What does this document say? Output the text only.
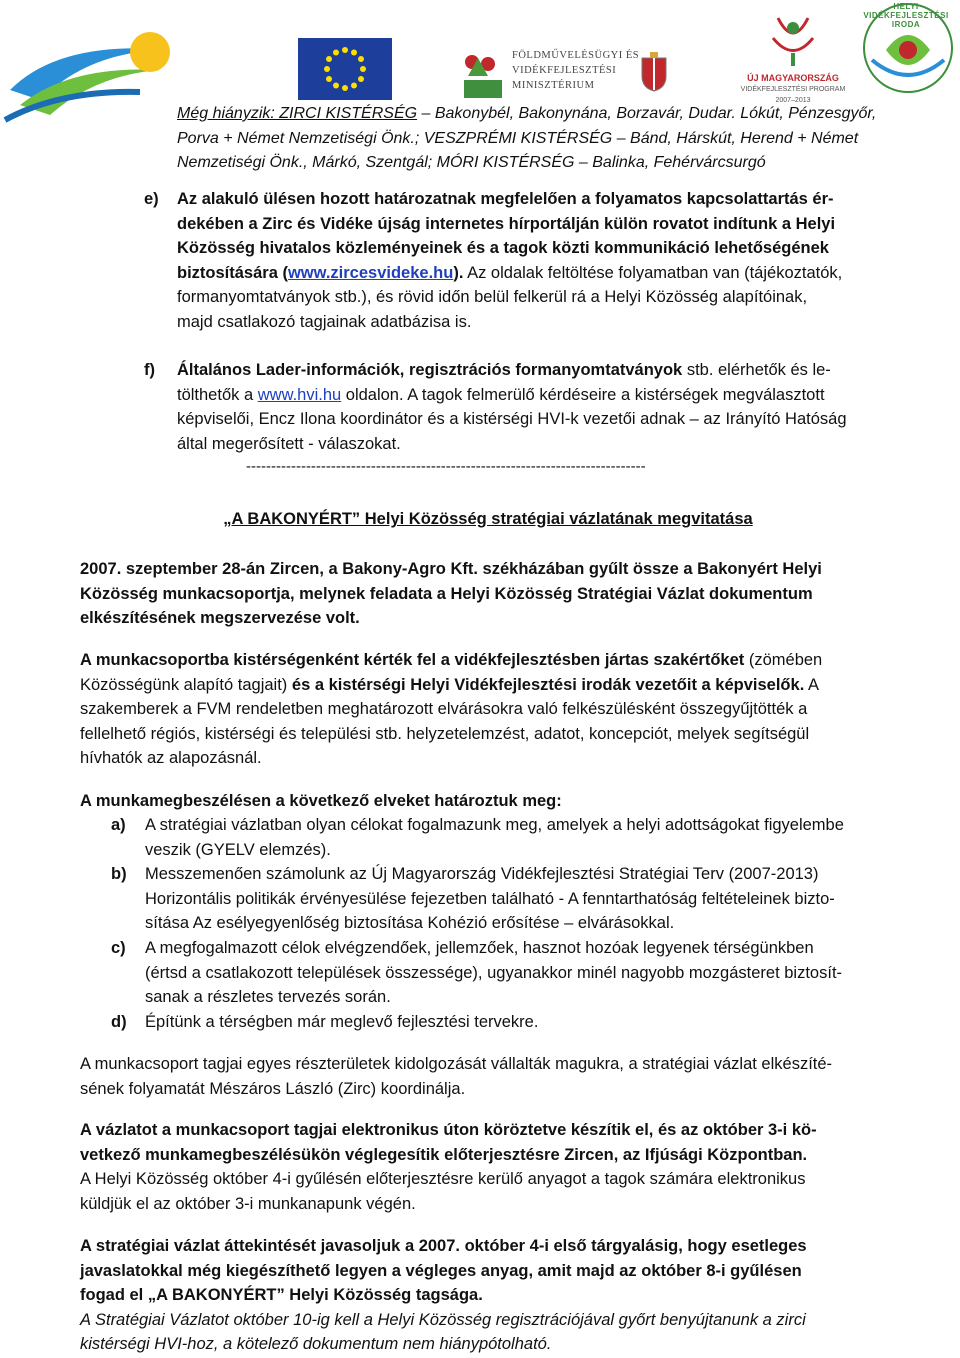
FÖLDMŰVELÉSÜGYI ÉS
VIDÉKFEJLESZTÉSI
MINISZTÉRIUM
ÚJ MAGYARORSZÁG
VIDÉKFEJLESZTÉSI PROGRAM
2007–2013
HELYI VIDÉKFEJLESZTÉSI IRODA
Még hiányzik: ZIRCI KISTÉRSÉG – Bakonybél, Bakonynána, Borzavár, Dudar. Lókút, Pénzesgyőr,
Porva + Német Nemzetiségi Önk.; VESZPRÉMI KISTÉRSÉG – Bánd, Hárskút, Herend + Német
Nemzetiségi Önk., Márkó, Szentgál; MÓRI KISTÉRSÉG – Balinka, Fehérvárcsurgó
e) Az alakuló ülésen hozott határozatnak megfelelően a folyamatos kapcsolattartás ér-
dekében a Zirc és Vidéke újság internetes hírportálján külön rovatot indítunk a Helyi
Közösség hivatalos közleményeinek és a tagok közti kommunikáció lehetőségének
biztosítására (www.zircesvideke.hu). Az oldalak feltöltése folyamatban van (tájékoztatók,
formanyomtatványok stb.), és rövid időn belül felkerül rá a Helyi Közösség alapítóinak,
majd csatlakozó tagjainak adatbázisa is.
f) Általános Lader-információk, regisztrációs formanyomtatványok stb. elérhetők és le-
tölthetők a www.hvi.hu oldalon. A tagok felmerülő kérdéseire a kistérségek megválasztott
képviselői, Encz Ilona koordinátor és a kistérségi HVI-k vezetői adnak – az Irányító Hatóság
által megerősített - válaszokat.
--------------------------------------------------------------------------------
„A BAKONYÉRT” Helyi Közösség stratégiai vázlatának megvitatása
2007. szeptember 28-án Zircen, a Bakony-Agro Kft. székházában gyűlt össze a Bakonyért Helyi
Közösség munkacsoportja, melynek feladata a Helyi Közösség Stratégiai Vázlat dokumentum
elkészítésének megszervezése volt.
A munkacsoportba kistérségenként kérték fel a vidékfejlesztésben jártas szakértőket (zömében
Közösségünk alapító tagjait) és a kistérségi Helyi Vidékfejlesztési irodák vezetőit a képviselők. A
szakemberek a FVM rendeletben meghatározott elvárásokra való felkészülésként összegyűjtötték a
fellelhető régiós, kistérségi és települési stb. helyzetelemzést, adatot, koncepciót, melyek segítségül
hívhatók az alapozásnál.
A munkamegbeszélésen a következő elveket határoztuk meg:
a) A stratégiai vázlatban olyan célokat fogalmazunk meg, amelyek a helyi adottságokat figyelembe
veszik (GYELV elemzés).
b) Messzemenően számolunk az Új Magyarország Vidékfejlesztési Stratégiai Terv (2007-2013)
Horizontális politikák érvényesülése fejezetben található - A fenntarthatóság feltételeinek bizto-
sítása Az esélyegyenlőség biztosítása Kohézió erősítése – elvárásokkal.
c) A megfogalmazott célok elvégzendőek, jellemzőek, hasznot hozóak legyenek térségünkben
(értsd a csatlakozott települések összessége), ugyanakkor minél nagyobb mozgásteret biztosít-
sanak a részletes tervezés során.
d) Építünk a térségben már meglevő fejlesztési tervekre.
A munkacsoport tagjai egyes részterületek kidolgozását vállalták magukra, a stratégiai vázlat elkészíté-
sének folyamatát Mészáros László (Zirc) koordinálja.
A vázlatot a munkacsoport tagjai elektronikus úton köröztetve készítik el, és az október 3-i kö-
vetkező munkamegbeszélésükön véglegesítik előterjesztésre Zircen, az Ifjúsági Központban.
A Helyi Közösség október 4-i gyűlésén előterjesztésre kerülő anyagot a tagok számára elektronikus
küldjük el az október 3-i munkanapunk végén.
A stratégiai vázlat áttekintését javasoljuk a 2007. október 4-i első tárgyalásig, hogy esetleges
javaslatokkal még kiegészíthető legyen a végleges anyag, amit majd az október 8-i gyűlésen
fogad el „A BAKONYÉRT” Helyi Közösség tagsága.
A Stratégiai Vázlatot október 10-ig kell a Helyi Közösség regisztrációjával győrt benyújtanunk a zirci
kistérségi HVI-hoz, a kötelező dokumentum nem hiánypótolható.
